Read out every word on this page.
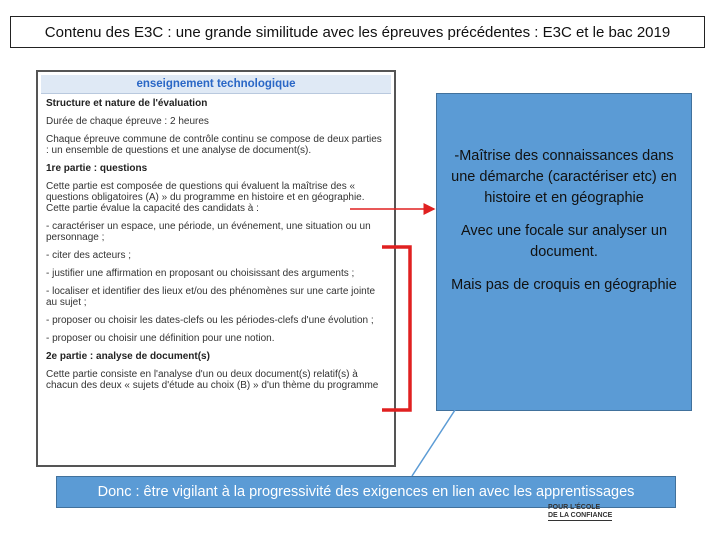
Contenu des E3C : une grande similitude avec les épreuves précédentes : E3C et le bac 2019
enseignement technologique

Structure et nature de l'évaluation

Durée de chaque épreuve : 2 heures

Chaque épreuve commune de contrôle continu se compose de deux parties : un ensemble de questions et une analyse de document(s).

1re partie : questions

Cette partie est composée de questions qui évaluent la maîtrise des « questions obligatoires (A) » du programme en histoire et en géographie. Cette partie évalue la capacité des candidats à :

- caractériser un espace, une période, un événement, une situation ou un personnage ;

- citer des acteurs ;

- justifier une affirmation en proposant ou choisissant des arguments ;

- localiser et identifier des lieux et/ou des phénomènes sur une carte jointe au sujet ;

- proposer ou choisir les dates-clefs ou les périodes-clefs d'une évolution ;

- proposer ou choisir une définition pour une notion.

2e partie : analyse de document(s)

Cette partie consiste en l'analyse d'un ou deux document(s) relatif(s) à chacun des deux « sujets d'étude au choix (B) » d'un thème du programme

-Maîtrise des connaissances dans une démarche (caractériser etc) en histoire et en géographie

Avec une focale sur analyser un document.

Mais pas de croquis en géographie

Donc : être vigilant à la progressivité des exigences en lien avec les apprentissages
POUR L'ÉCOLE
DE LA CONFIANCE
